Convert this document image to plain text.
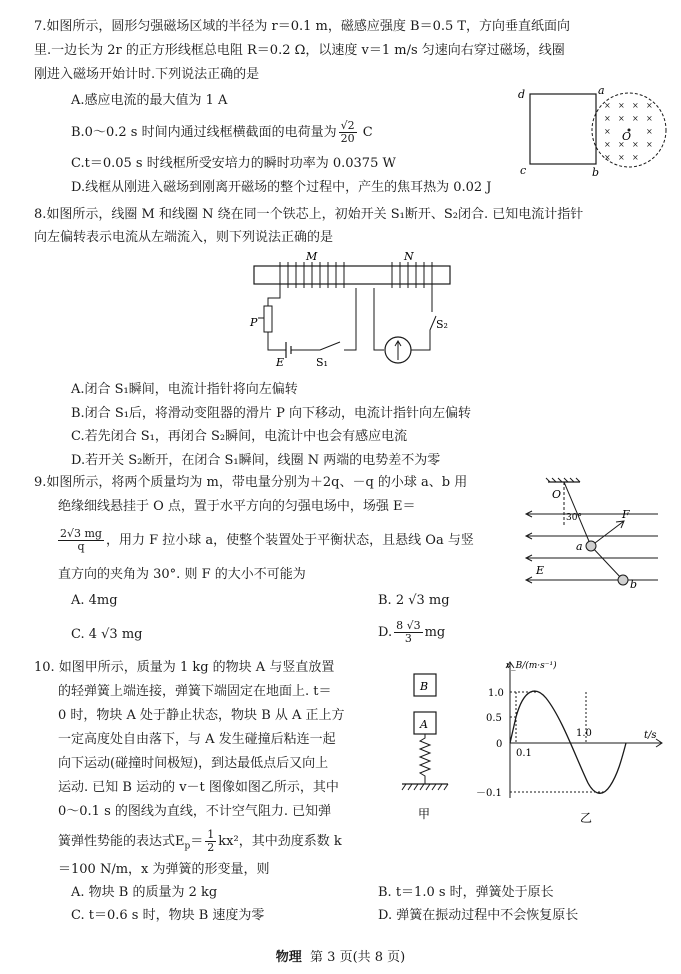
7.如图所示，圆形匀强磁场区域的半径为 r＝0.1 m，磁感应强度 B＝0.5 T，方向垂直纸面向
里.一边长为 2r 的正方形线框总电阻 R＝0.2 Ω，以速度 v＝1 m/s 匀速向右穿过磁场，线圈
刚进入磁场开始计时.下列说法正确的是
A.感应电流的最大值为 1 A
B.0～0.2 s 时间内通过线框横截面的电荷量为 $\frac{√2}{20}$ C
C.t＝0.05 s 时线框所受安培力的瞬时功率为 0.0375 W
D.线框从刚进入磁场到刚离开磁场的整个过程中，产生的焦耳热为 0.02 J
× × × ×
× × × ×
× × × ×
× × ×
×	×
d	a
c	b
O
8.如图所示，线圈 M 和线圈 N 绕在同一个铁芯上，初始开关 S₁断开、S₂闭合. 已知电流计指针
向左偏转表示电流从左端流入，则下列说法正确的是
M	N
P
E	S₁
S₂
A.闭合 S₁瞬间，电流计指针将向左偏转
B.闭合 S₁后，将滑动变阻器的滑片 P 向下移动，电流计指针向左偏转
C.若先闭合 S₁，再闭合 S₂瞬间，电流计中也会有感应电流
D.若开关 S₂断开，在闭合 S₁瞬间，线圈 N 两端的电势差不为零
9.如图所示，将两个质量均为 m，带电量分别为＋2q、－q 的小球 a、b 用
绝缘细线悬挂于 O 点，置于水平方向的匀强电场中，场强 E＝
$\frac{2√3 mg}{q}$ ，用力 F 拉小球 a，使整个装置处于平衡状态，且悬线 Oa 与竖
直方向的夹角为 30°. 则 F 的大小不可能为
A. 4mg	B. 2 √3 mg
C. 4 √3 mg	D. $\frac{8 √3}{3}$ mg
O
30°	F
a
b
E
10. 如图甲所示，质量为 1 kg 的物块 A 与竖直放置
的轻弹簧上端连接，弹簧下端固定在地面上. t＝
0 时，物块 A 处于静止状态，物块 B 从 A 正上方
一定高度处自由落下，与 A 发生碰撞后粘连一起
向下运动(碰撞时间极短)，到达最低点后又向上
运动. 已知 B 运动的 v－t 图像如图乙所示，其中
0～0.1 s 的图线为直线，不计空气阻力. 已知弹
簧弹性势能的表达式$E_p= \frac{1}{2} kx^2$，其中劲度系数 k
＝100 N/m，x 为弹簧的形变量，则
A. 物块 B 的质量为 2 kg	B. t＝1.0 s 时，弹簧处于原长
C. t＝0.6 s 时，物块 B 速度为零	D. 弹簧在振动过程中不会恢复原长
B
A
甲
v_B/(m·s⁻¹)
t/s
1.0
0.5
0
－0.1
0.1
1.0
乙
物理 第 3 页(共 8 页)
